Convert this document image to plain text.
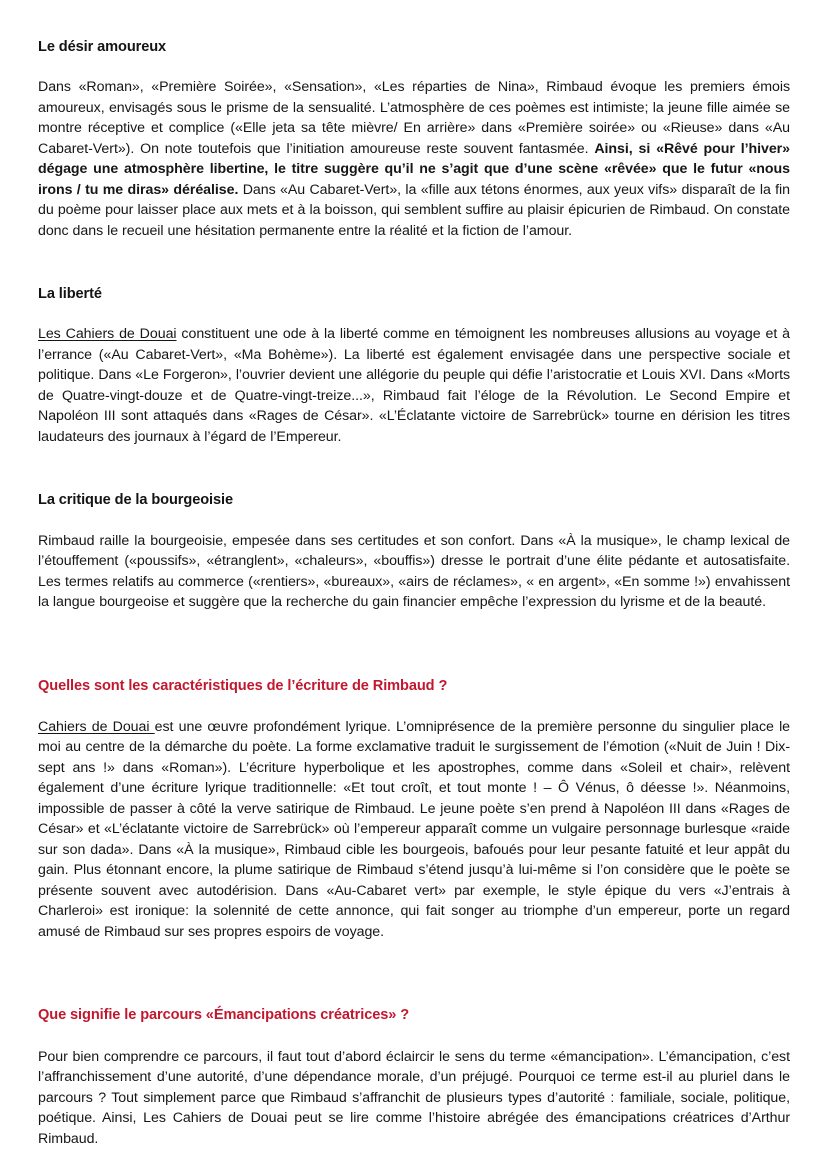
Le désir amoureux

Dans «Roman», «Première Soirée», «Sensation», «Les réparties de Nina», Rimbaud évoque les premiers émois amoureux, envisagés sous le prisme de la sensualité. L’atmosphère de ces poèmes est intimiste; la jeune fille aimée se montre réceptive et complice («Elle jeta sa tête mièvre/ En arrière» dans «Première soirée» ou «Rieuse» dans «Au Cabaret-Vert»). On note toutefois que l’initiation amoureuse reste souvent fantasmée. Ainsi, si «Rêvé pour l’hiver» dégage une atmosphère libertine, le titre suggère qu’il ne s’agit que d’une scène «rêvée» que le futur «nous irons / tu me diras» déréalise. Dans «Au Cabaret-Vert», la «fille aux tétons énormes, aux yeux vifs» disparaît de la fin du poème pour laisser place aux mets et à la boisson, qui semblent suffire au plaisir épicurien de Rimbaud. On constate donc dans le recueil une hésitation permanente entre la réalité et la fiction de l’amour.

La liberté

Les Cahiers de Douai constituent une ode à la liberté comme en témoignent les nombreuses allusions au voyage et à l’errance («Au Cabaret-Vert», «Ma Bohème»). La liberté est également envisagée dans une perspective sociale et politique. Dans «Le Forgeron», l’ouvrier devient une allégorie du peuple qui défie l’aristocratie et Louis XVI. Dans «Morts de Quatre-vingt-douze et de Quatre-vingt-treize...», Rimbaud fait l’éloge de la Révolution. Le Second Empire et Napoléon III sont attaqués dans «Rages de César». «L’Éclatante victoire de Sarrebrück» tourne en dérision les titres laudateurs des journaux à l’égard de l’Empereur.

La critique de la bourgeoisie

Rimbaud raille la bourgeoisie, empesée dans ses certitudes et son confort. Dans «À la musique», le champ lexical de l’étouffement («poussifs», «étranglent», «chaleurs», «bouffis») dresse le portrait d’une élite pédante et autosatisfaite. Les termes relatifs au commerce («rentiers», «bureaux», «airs de réclames», « en argent», «En somme !») envahissent la langue bourgeoise et suggère que la recherche du gain financier empêche l’expression du lyrisme et de la beauté.

Quelles sont les caractéristiques de l’écriture de Rimbaud ?

Cahiers de Douai est une œuvre profondément lyrique. L’omniprésence de la première personne du singulier place le moi au centre de la démarche du poète. La forme exclamative traduit le surgissement de l’émotion («Nuit de Juin ! Dix-sept ans !» dans «Roman»). L’écriture hyperbolique et les apostrophes, comme dans «Soleil et chair», relèvent également d’une écriture lyrique traditionnelle: «Et tout croît, et tout monte ! – Ô Vénus, ô déesse !». Néanmoins, impossible de passer à côté la verve satirique de Rimbaud. Le jeune poète s’en prend à Napoléon III dans «Rages de César» et «L’éclatante victoire de Sarrebrück» où l’empereur apparaît comme un vulgaire personnage burlesque «raide sur son dada». Dans «À la musique», Rimbaud cible les bourgeois, bafoués pour leur pesante fatuité et leur appât du gain. Plus étonnant encore, la plume satirique de Rimbaud s’étend jusqu’à lui-même si l’on considère que le poète se présente souvent avec autodérision. Dans «Au-Cabaret vert» par exemple, le style épique du vers «J’entrais à Charleroi» est ironique: la solennité de cette annonce, qui fait songer au triomphe d’un empereur, porte un regard amusé de Rimbaud sur ses propres espoirs de voyage.

Que signifie le parcours «Émancipations créatrices» ?

Pour bien comprendre ce parcours, il faut tout d’abord éclaircir le sens du terme «émancipation». L’émancipation, c’est l’affranchissement d’une autorité, d’une dépendance morale, d’un préjugé. Pourquoi ce terme est-il au pluriel dans le parcours ? Tout simplement parce que Rimbaud s’affranchit de plusieurs types d’autorité : familiale, sociale, politique, poétique. Ainsi, Les Cahiers de Douai peut se lire comme l’histoire abrégée des émancipations créatrices d’Arthur Rimbaud.
